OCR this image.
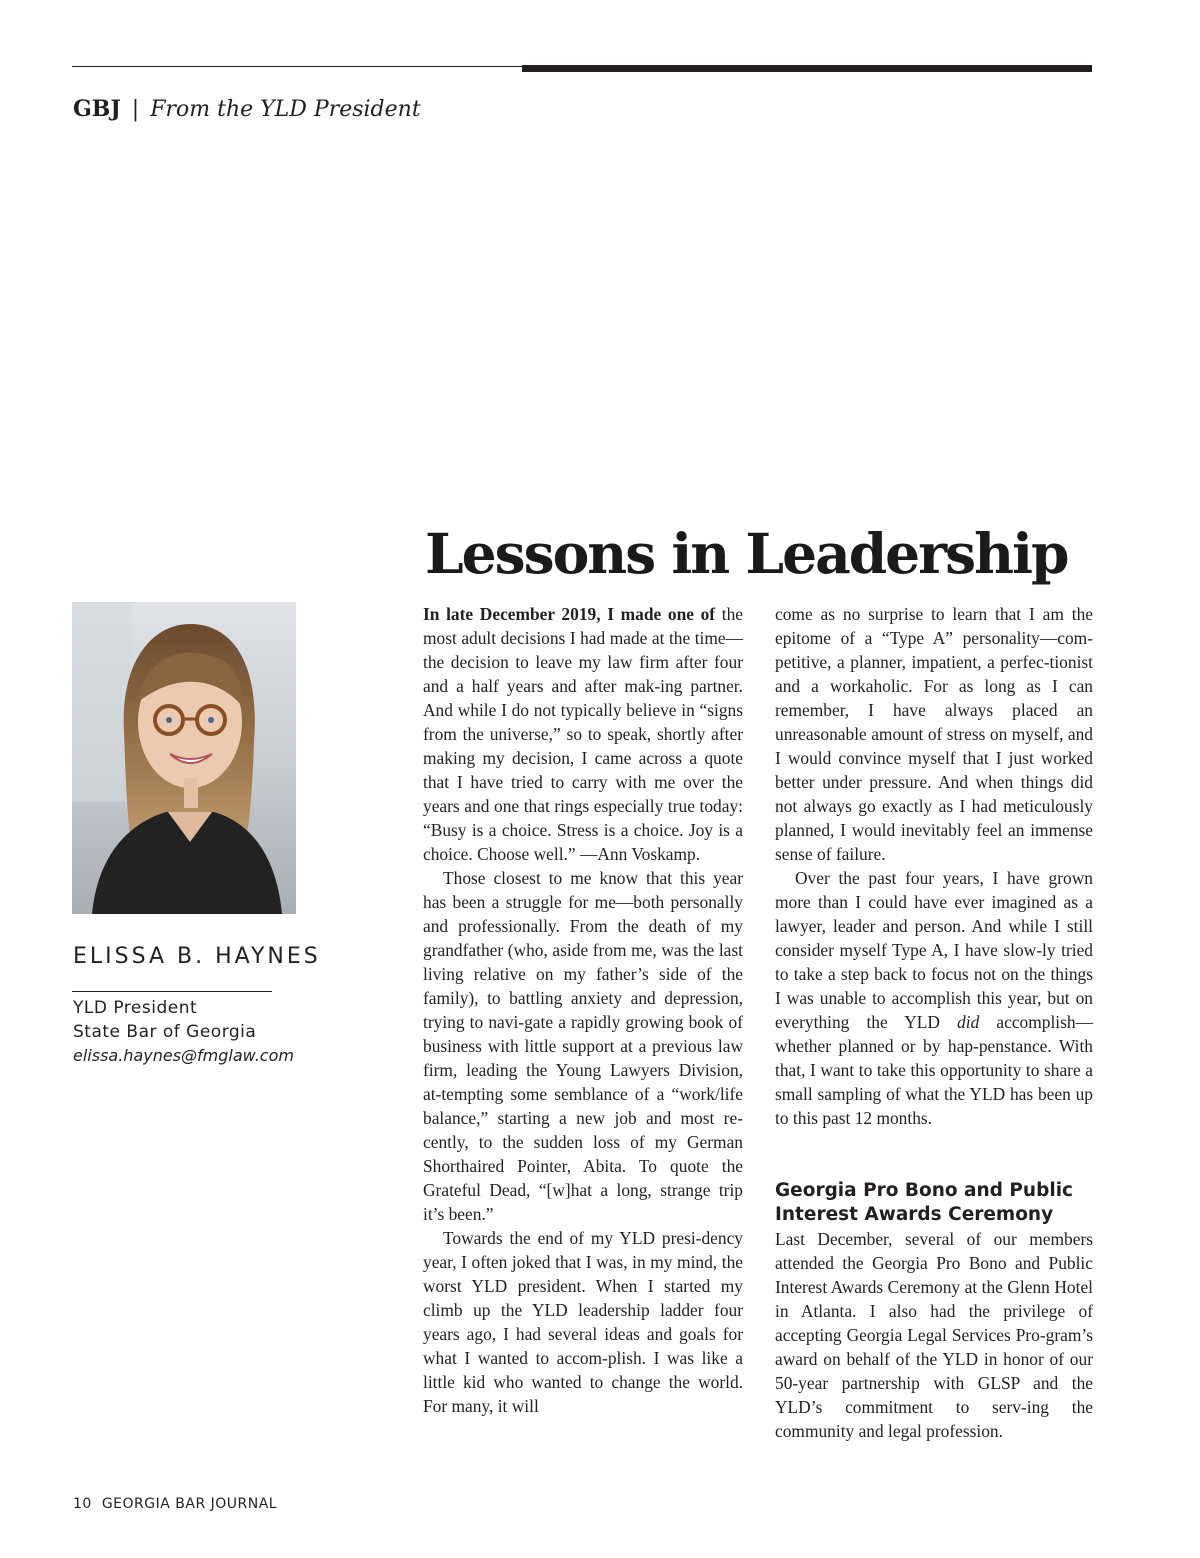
GBJ | From the YLD President
Lessons in Leadership
ELISSA B. HAYNES
YLD President
State Bar of Georgia
elissa.haynes@fmglaw.com

In late December 2019, I made one of the most adult decisions I had made at the time—the decision to leave my law firm after four and a half years and after mak-ing partner. And while I do not typically believe in “signs from the universe,” so to speak, shortly after making my decision, I came across a quote that I have tried to carry with me over the years and one that rings especially true today: “Busy is a choice. Stress is a choice. Joy is a choice. Choose well.” —Ann Voskamp.

Those closest to me know that this year has been a struggle for me—both personally and professionally. From the death of my grandfather (who, aside from me, was the last living relative on my father’s side of the family), to battling anxiety and depression, trying to navi-gate a rapidly growing book of business with little support at a previous law firm, leading the Young Lawyers Division, at-tempting some semblance of a “work/life balance,” starting a new job and most re-cently, to the sudden loss of my German Shorthaired Pointer, Abita. To quote the Grateful Dead, “[w]hat a long, strange trip it’s been.”

Towards the end of my YLD presi-dency year, I often joked that I was, in my mind, the worst YLD president. When I started my climb up the YLD leadership ladder four years ago, I had several ideas and goals for what I wanted to accom-plish. I was like a little kid who wanted to change the world. For many, it will

come as no surprise to learn that I am the epitome of a “Type A” personality—com-petitive, a planner, impatient, a perfec-tionist and a workaholic. For as long as I can remember, I have always placed an unreasonable amount of stress on myself, and I would convince myself that I just worked better under pressure. And when things did not always go exactly as I had meticulously planned, I would inevitably feel an immense sense of failure.

Over the past four years, I have grown more than I could have ever imagined as a lawyer, leader and person. And while I still consider myself Type A, I have slow-ly tried to take a step back to focus not on the things I was unable to accomplish this year, but on everything the YLD did accomplish—whether planned or by hap-penstance. With that, I want to take this opportunity to share a small sampling of what the YLD has been up to this past 12 months.

Georgia Pro Bono and Public
Interest Awards Ceremony

Last December, several of our members attended the Georgia Pro Bono and Public Interest Awards Ceremony at the Glenn Hotel in Atlanta. I also had the privilege of accepting Georgia Legal Services Pro-gram’s award on behalf of the YLD in honor of our 50-year partnership with GLSP and the YLD’s commitment to serv-ing the community and legal profession.

10 GEORGIA BAR JOURNAL
